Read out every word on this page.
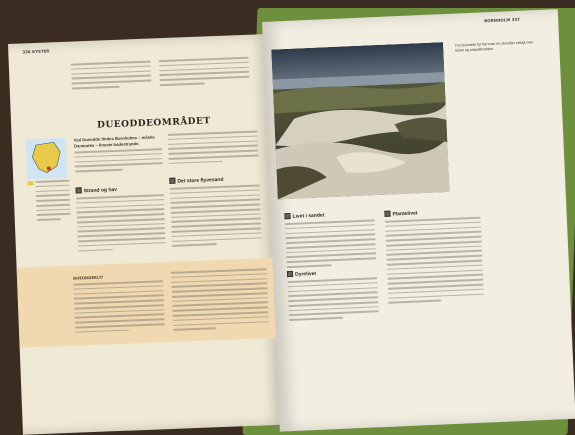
336 KYSTER
DUEODDEOMRÅDET
Ved Dueodde findes Bornholms – måske Danmarks – fineste badestrande.
Strand og hav
Det store flyvesand
DUEODDEKLIT
BORNHOLM 337
Fra Dueodde fyr har man en storslået udsigt over klitter og strandbredden.
Livet i sandet
Dyrelivet
Plantelivet
